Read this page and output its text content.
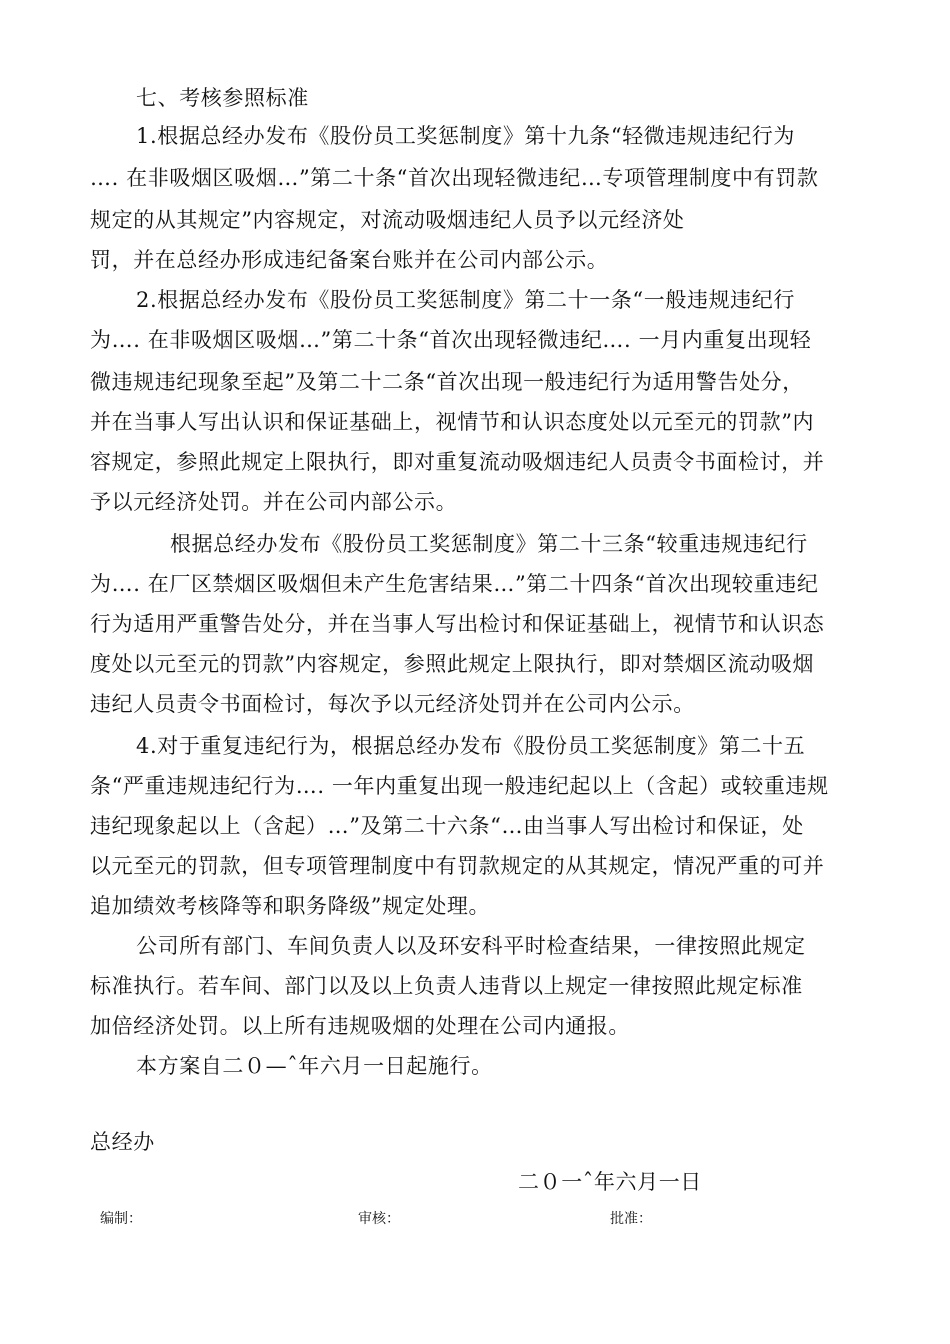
七、考核参照标准
1.根据总经办发布《股份员工奖惩制度》第十九条“轻微违规违纪行为
…. 在非吸烟区吸烟…”第二十条“首次出现轻微违纪…专项管理制度中有罚款
规定的从其规定”内容规定，对流动吸烟违纪人员予以元经济处
罚，并在总经办形成违纪备案台账并在公司内部公示。
2.根据总经办发布《股份员工奖惩制度》第二十一条“一般违规违纪行
为…. 在非吸烟区吸烟…”第二十条“首次出现轻微违纪…. 一月内重复出现轻
微违规违纪现象至起”及第二十二条“首次出现一般违纪行为适用警告处分，
并在当事人写出认识和保证基础上，视情节和认识态度处以元至元的罚款”内
容规定，参照此规定上限执行，即对重复流动吸烟违纪人员责令书面检讨，并
予以元经济处罚。并在公司内部公示。
根据总经办发布《股份员工奖惩制度》第二十三条“较重违规违纪行
为…. 在厂区禁烟区吸烟但未产生危害结果…”第二十四条“首次出现较重违纪
行为适用严重警告处分，并在当事人写出检讨和保证基础上，视情节和认识态
度处以元至元的罚款”内容规定，参照此规定上限执行，即对禁烟区流动吸烟
违纪人员责令书面检讨，每次予以元经济处罚并在公司内公示。
4.对于重复违纪行为，根据总经办发布《股份员工奖惩制度》第二十五
条“严重违规违纪行为…. 一年内重复出现一般违纪起以上（含起）或较重违规
违纪现象起以上（含起）…”及第二十六条“…由当事人写出检讨和保证，处
以元至元的罚款，但专项管理制度中有罚款规定的从其规定，情况严重的可并
追加绩效考核降等和职务降级”规定处理。
公司所有部门、车间负责人以及环安科平时检查结果，一律按照此规定
标准执行。若车间、部门以及以上负责人违背以上规定一律按照此规定标准
加倍经济处罚。以上所有违规吸烟的处理在公司内通报。
本方案自二０—ˆ年六月一日起施行。
总经办
二０一ˆ年六月一日
编制：	审核：	批准：
